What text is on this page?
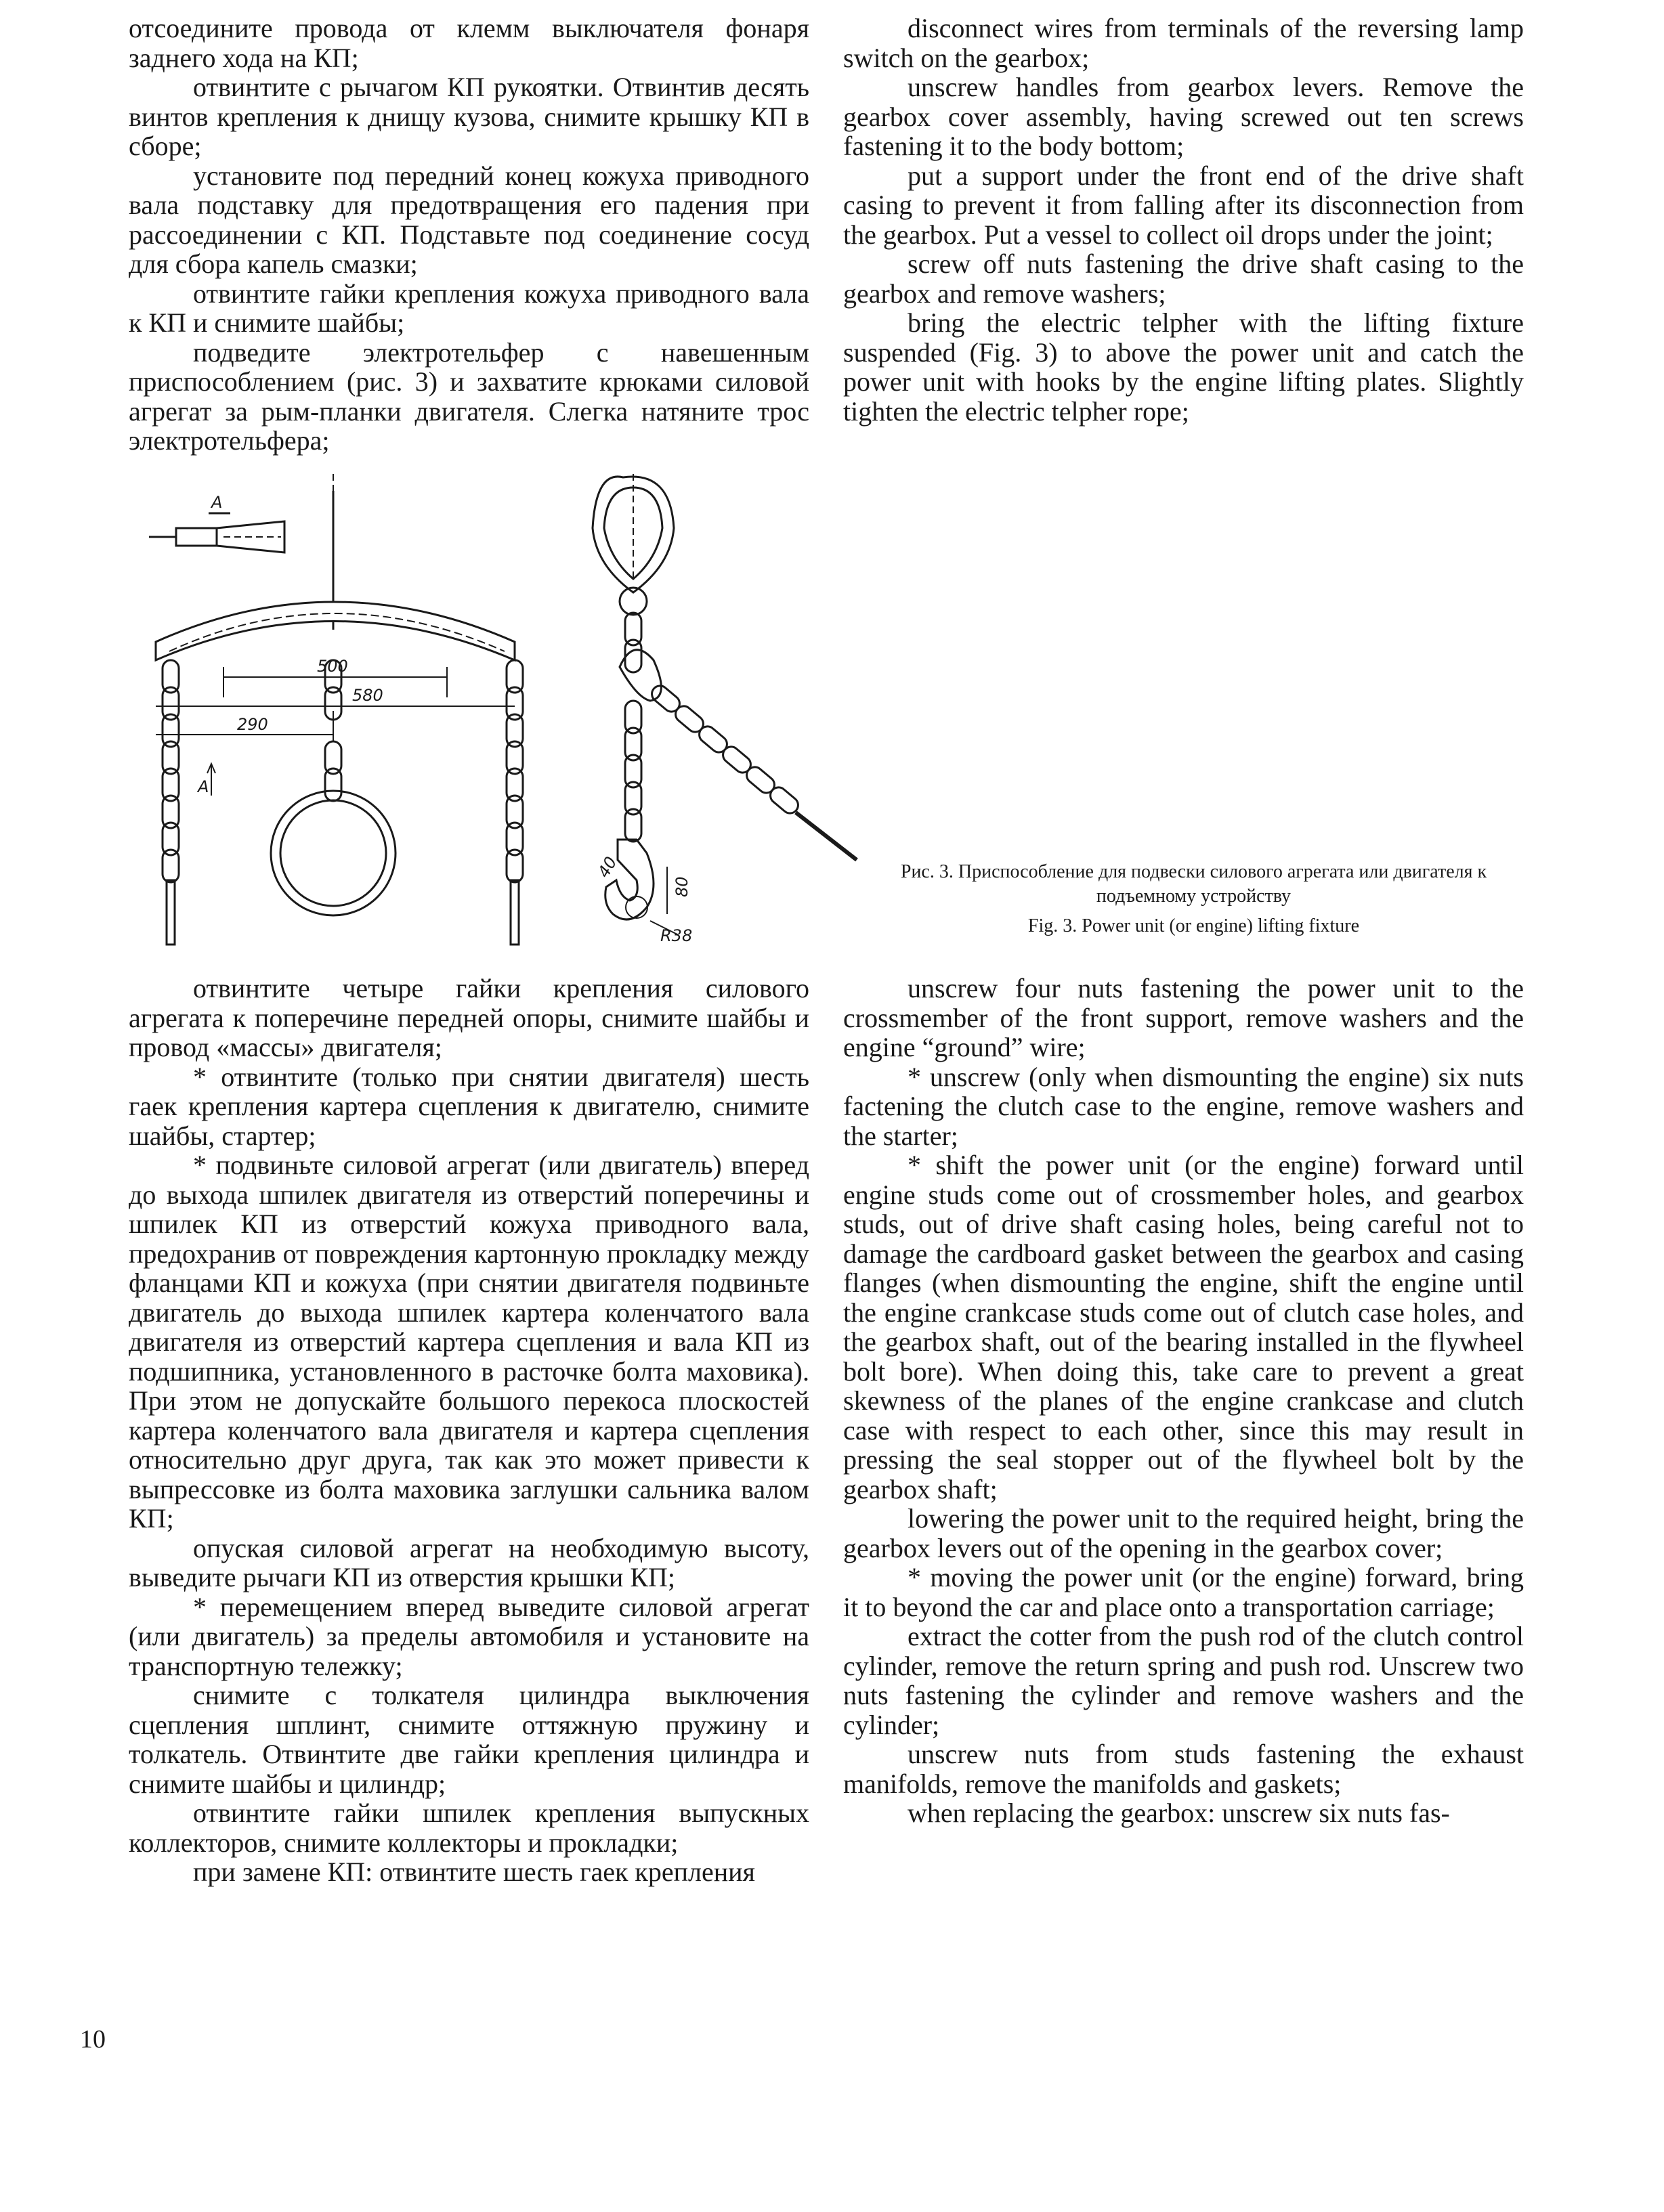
отсоедините провода от клемм выключателя фонаря заднего хода на КП;

отвинтите с рычагом КП рукоятки. Отвинтив десять винтов крепления к днищу кузова, снимите крышку КП в сборе;

установите под передний конец кожуха приводного вала подставку для предотвращения его падения при рассоединении с КП. Подставьте под соединение сосуд для сбора капель смазки;

отвинтите гайки крепления кожуха приводного вала к КП и снимите шайбы;

подведите электротельфер с навешенным приспособлением (рис. 3) и захватите крюками силовой агрегат за рым-планки двигателя. Слегка натяните трос электротельфера;

disconnect wires from terminals of the reversing lamp switch on the gearbox;

unscrew handles from gearbox levers. Remove the gearbox cover assembly, having screwed out ten screws fastening it to the body bottom;

put a support under the front end of the drive shaft casing to prevent it from falling after its disconnection from the gearbox. Put a vessel to collect oil drops under the joint;

screw off nuts fastening the drive shaft casing to the gearbox and remove washers;

bring the electric telpher with the lifting fixture suspended (Fig. 3) to above the power unit and catch the power unit with hooks by the engine lifting plates. Slightly tighten the electric telpher rope;

A
500
580
290
A
40
80
R38
Рис. 3. Приспособление для подвески силового агрегата или двигателя к подъемному устройству
Fig. 3. Power unit (or engine) lifting fixture

отвинтите четыре гайки крепления силового агрегата к поперечине передней опоры, снимите шайбы и провод «массы» двигателя;

* отвинтите (только при снятии двигателя) шесть гаек крепления картера сцепления к двигателю, снимите шайбы, стартер;

* подвиньте силовой агрегат (или двигатель) вперед до выхода шпилек двигателя из отверстий поперечины и шпилек КП из отверстий кожуха приводного вала, предохранив от повреждения картонную прокладку между фланцами КП и кожуха (при снятии двигателя подвиньте двигатель до выхода шпилек картера коленчатого вала двигателя из отверстий картера сцепления и вала КП из подшипника, установленного в расточке болта маховика). При этом не допускайте большого перекоса плоскостей картера коленчатого вала двигателя и картера сцепления относительно друг друга, так как это может привести к выпрессовке из болта маховика заглушки сальника валом КП;

опуская силовой агрегат на необходимую высоту, выведите рычаги КП из отверстия крышки КП;

* перемещением вперед выведите силовой агрегат (или двигатель) за пределы автомобиля и установите на транспортную тележку;

снимите с толкателя цилиндра выключения сцепления шплинт, снимите оттяжную пружину и толкатель. Отвинтите две гайки крепления цилиндра и снимите шайбы и цилиндр;

отвинтите гайки шпилек крепления выпускных коллекторов, снимите коллекторы и прокладки;

при замене КП: отвинтите шесть гаек крепления

unscrew four nuts fastening the power unit to the crossmember of the front support, remove washers and the engine “ground” wire;

* unscrew (only when dismounting the engine) six nuts factening the clutch case to the engine, remove washers and the starter;

* shift the power unit (or the engine) forward until engine studs come out of crossmember holes, and gearbox studs, out of drive shaft casing holes, being careful not to damage the cardboard gasket between the gearbox and casing flanges (when dismounting the engine, shift the engine until the engine crankcase studs come out of clutch case holes, and the gearbox shaft, out of the bearing installed in the flywheel bolt bore). When doing this, take care to prevent a great skewness of the planes of the engine crankcase and clutch case with respect to each other, since this may result in pressing the seal stopper out of the flywheel bolt by the gearbox shaft;

lowering the power unit to the required height, bring the gearbox levers out of the opening in the gearbox cover;

* moving the power unit (or the engine) forward, bring it to beyond the car and place onto a transportation carriage;

extract the cotter from the push rod of the clutch control cylinder, remove the return spring and push rod. Unscrew two nuts fastening the cylinder and remove washers and the cylinder;

unscrew nuts from studs fastening the exhaust manifolds, remove the manifolds and gaskets;

when replacing the gearbox: unscrew six nuts fas-

10
